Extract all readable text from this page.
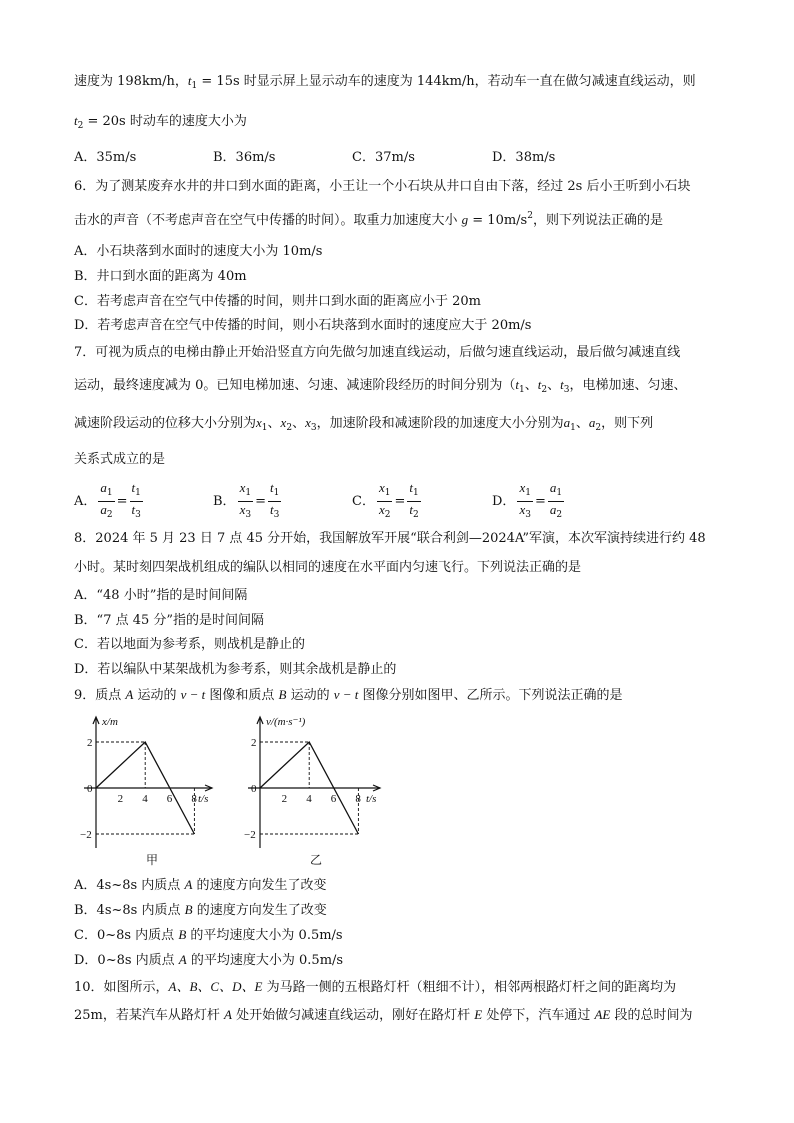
速度为 198km/h，$t_1 = 15s$ 时显示屏上显示动车的速度为 144km/h，若动车一直在做匀减速直线运动，则
$t_2 = 20s$ 时动车的速度大小为
A．35m/s	B．36m/s	C．37m/s	D．38m/s
6．为了测某废弃水井的井口到水面的距离，小王让一个小石块从井口自由下落，经过 2s 后小王听到小石块
击水的声音（不考虑声音在空气中传播的时间）。取重力加速度大小 $g = 10m/s^2$，则下列说法正确的是
A．小石块落到水面时的速度大小为 10m/s
B．井口到水面的距离为 40m
C．若考虑声音在空气中传播的时间，则井口到水面的距离应小于 20m
D．若考虑声音在空气中传播的时间，则小石块落到水面时的速度应大于 20m/s
7．可视为质点的电梯由静止开始沿竖直方向先做匀加速直线运动，后做匀速直线运动，最后做匀减速直线
运动，最终速度减为 0。已知电梯加速、匀速、减速阶段经历的时间分别为（$t_1$、$t_2$、$t_3$，电梯加速、匀速、
减速阶段运动的位移大小分别为$x_1$、$x_2$、$x_3$，加速阶段和减速阶段的加速度大小分别为$a_1$、$a_2$，则下列
关系式成立的是
A． $\frac{a_1}{a_2} = \frac{t_1}{t_3}$	B． $\frac{x_1}{x_3} = \frac{t_1}{t_3}$	C． $\frac{x_1}{x_2} = \frac{t_1}{t_2}$	D． $\frac{x_1}{x_3} = \frac{a_1}{a_2}$
8．2024 年 5 月 23 日 7 点 45 分开始，我国解放军开展“联合利剑—2024A”军演，本次军演持续进行约 48
小时。某时刻四架战机组成的编队以相同的速度在水平面内匀速飞行。下列说法正确的是
A．“48 小时”指的是时间间隔
B．“7 点 45 分”指的是时间间隔
C．若以地面为参考系，则战机是静止的
D．若以编队中某架战机为参考系，则其余战机是静止的
9．质点 A 运动的 v − t 图像和质点 B 运动的 v − t 图像分别如图甲、乙所示。下列说法正确的是
2 4 6 8
2
0
−2
x/m
t/s
甲
2 4 6 8
2
0
−2
v/(m·s⁻¹)
t/s
乙
A．4s~8s 内质点 A 的速度方向发生了改变
B．4s~8s 内质点 B 的速度方向发生了改变
C．0~8s 内质点 B 的平均速度大小为 0.5m/s
D．0~8s 内质点 A 的平均速度大小为 0.5m/s
10．如图所示，A、B、C、D、E 为马路一侧的五根路灯杆（粗细不计），相邻两根路灯杆之间的距离均为
25m，若某汽车从路灯杆 A 处开始做匀减速直线运动，刚好在路灯杆 E 处停下，汽车通过 AE 段的总时间为
